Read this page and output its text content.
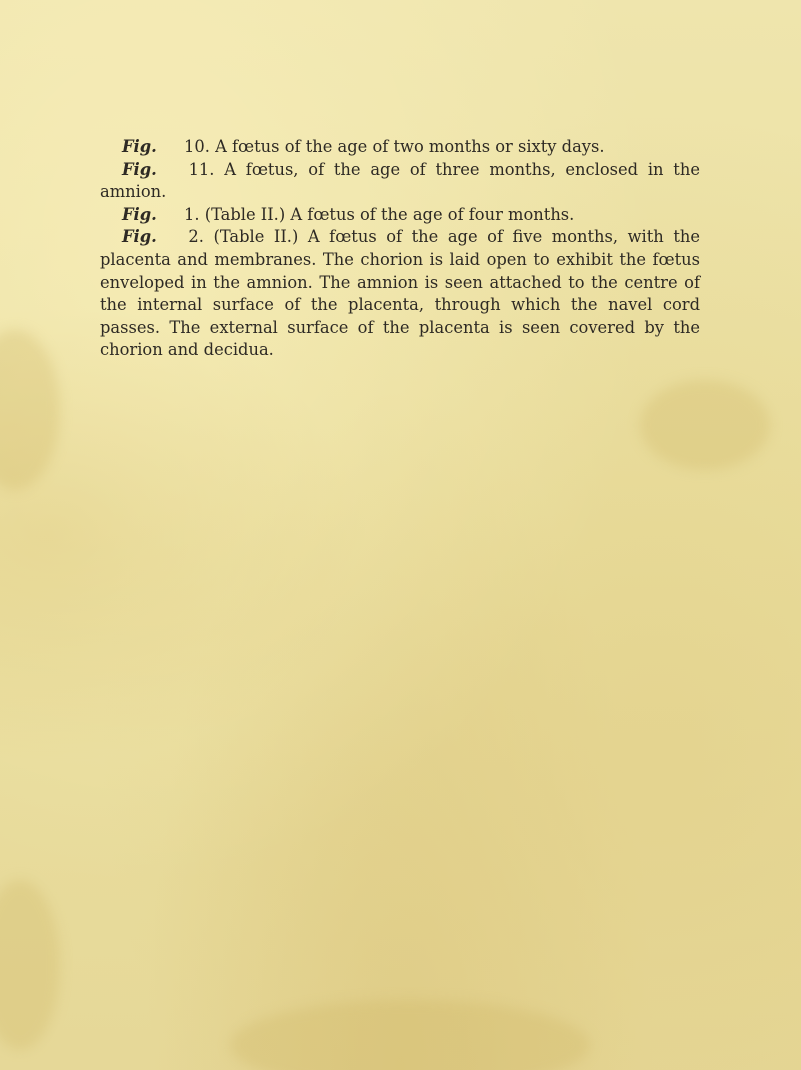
Fig. 10. A fœtus of the age of two months or sixty days.

Fig. 11. A fœtus, of the age of three months, enclosed in the amnion.

Fig. 1. (Table II.) A fœtus of the age of four months.

Fig. 2. (Table II.) A fœtus of the age of five months, with the placenta and membranes. The chorion is laid open to exhibit the fœtus enveloped in the amnion. The amnion is seen attached to the centre of the internal surface of the placenta, through which the navel cord passes. The external surface of the placenta is seen covered by the chorion and decidua.
